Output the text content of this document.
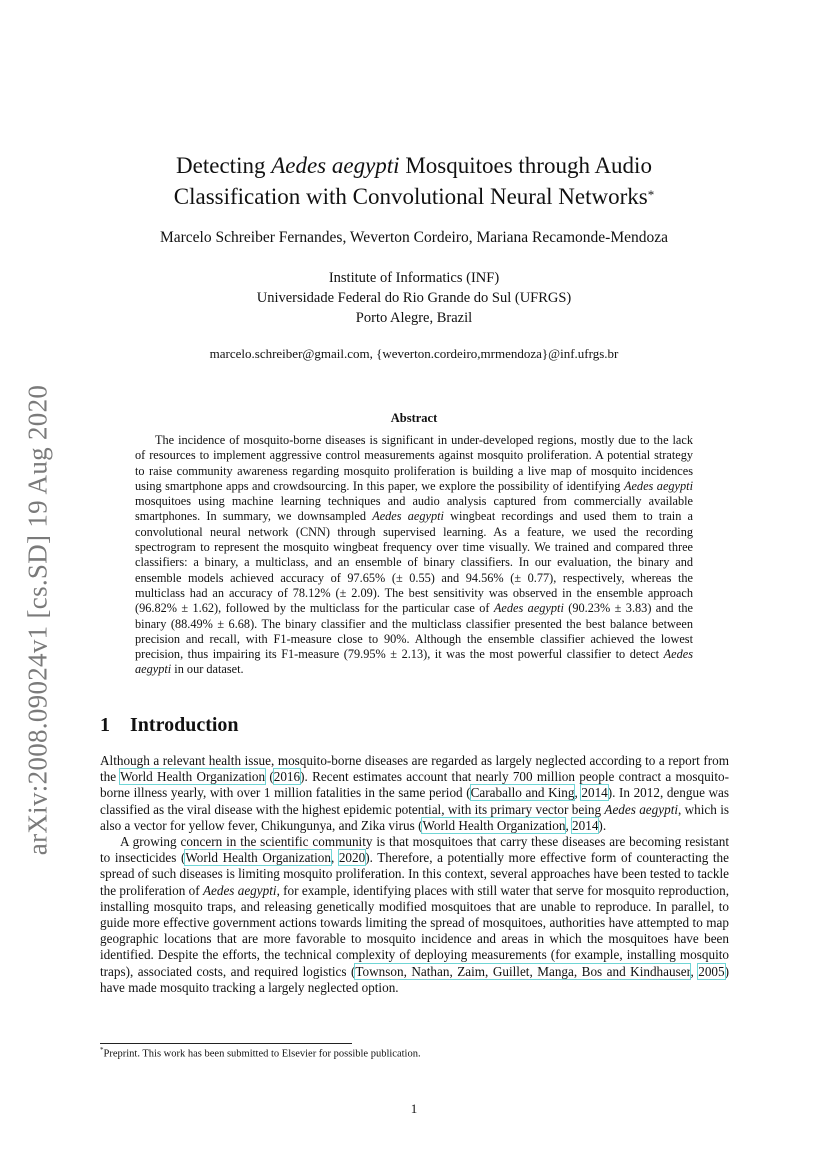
arXiv:2008.09024v1 [cs.SD] 19 Aug 2020
Detecting Aedes aegypti Mosquitoes through Audio
Classification with Convolutional Neural Networks*
Marcelo Schreiber Fernandes, Weverton Cordeiro, Mariana Recamonde-Mendoza
Institute of Informatics (INF)
Universidade Federal do Rio Grande do Sul (UFRGS)
Porto Alegre, Brazil
marcelo.schreiber@gmail.com, {weverton.cordeiro,mrmendoza}@inf.ufrgs.br
Abstract

The incidence of mosquito-borne diseases is significant in under-developed regions, mostly due to the lack of resources to implement aggressive control measurements against mosquito proliferation. A potential strategy to raise community awareness regarding mosquito proliferation is building a live map of mosquito incidences using smartphone apps and crowdsourcing. In this paper, we explore the possibility of identifying Aedes aegypti mosquitoes using machine learning techniques and audio analysis captured from commercially available smartphones. In summary, we downsampled Aedes aegypti wingbeat recordings and used them to train a convolutional neural network (CNN) through supervised learning. As a feature, we used the recording spectrogram to represent the mosquito wingbeat frequency over time visually. We trained and compared three classifiers: a binary, a multiclass, and an ensemble of binary classifiers. In our evaluation, the binary and ensemble models achieved accuracy of 97.65% (± 0.55) and 94.56% (± 0.77), respectively, whereas the multiclass had an accuracy of 78.12% (± 2.09). The best sensitivity was observed in the ensemble approach (96.82% ± 1.62), followed by the multiclass for the particular case of Aedes aegypti (90.23% ± 3.83) and the binary (88.49% ± 6.68). The binary classifier and the multiclass classifier presented the best balance between precision and recall, with F1-measure close to 90%. Although the ensemble classifier achieved the lowest precision, thus impairing its F1-measure (79.95% ± 2.13), it was the most powerful classifier to detect Aedes aegypti in our dataset.

1 Introduction

Although a relevant health issue, mosquito-borne diseases are regarded as largely neglected according to a report from the World Health Organization (2016). Recent estimates account that nearly 700 million people contract a mosquito-borne illness yearly, with over 1 million fatalities in the same period (Caraballo and King, 2014). In 2012, dengue was classified as the viral disease with the highest epidemic potential, with its primary vector being Aedes aegypti, which is also a vector for yellow fever, Chikungunya, and Zika virus (World Health Organization, 2014).

A growing concern in the scientific community is that mosquitoes that carry these diseases are becoming resistant to insecticides (World Health Organization, 2020). Therefore, a potentially more effective form of counteracting the spread of such diseases is limiting mosquito proliferation. In this context, several approaches have been tested to tackle the proliferation of Aedes aegypti, for example, identifying places with still water that serve for mosquito reproduction, installing mosquito traps, and releasing genetically modified mosquitoes that are unable to reproduce. In parallel, to guide more effective government actions towards limiting the spread of mosquitoes, authorities have attempted to map geographic locations that are more favorable to mosquito incidence and areas in which the mosquitoes have been identified. Despite the efforts, the technical complexity of deploying measurements (for example, installing mosquito traps), associated costs, and required logistics (Townson, Nathan, Zaim, Guillet, Manga, Bos and Kindhauser, 2005) have made mosquito tracking a largely neglected option.

*Preprint. This work has been submitted to Elsevier for possible publication.
1
